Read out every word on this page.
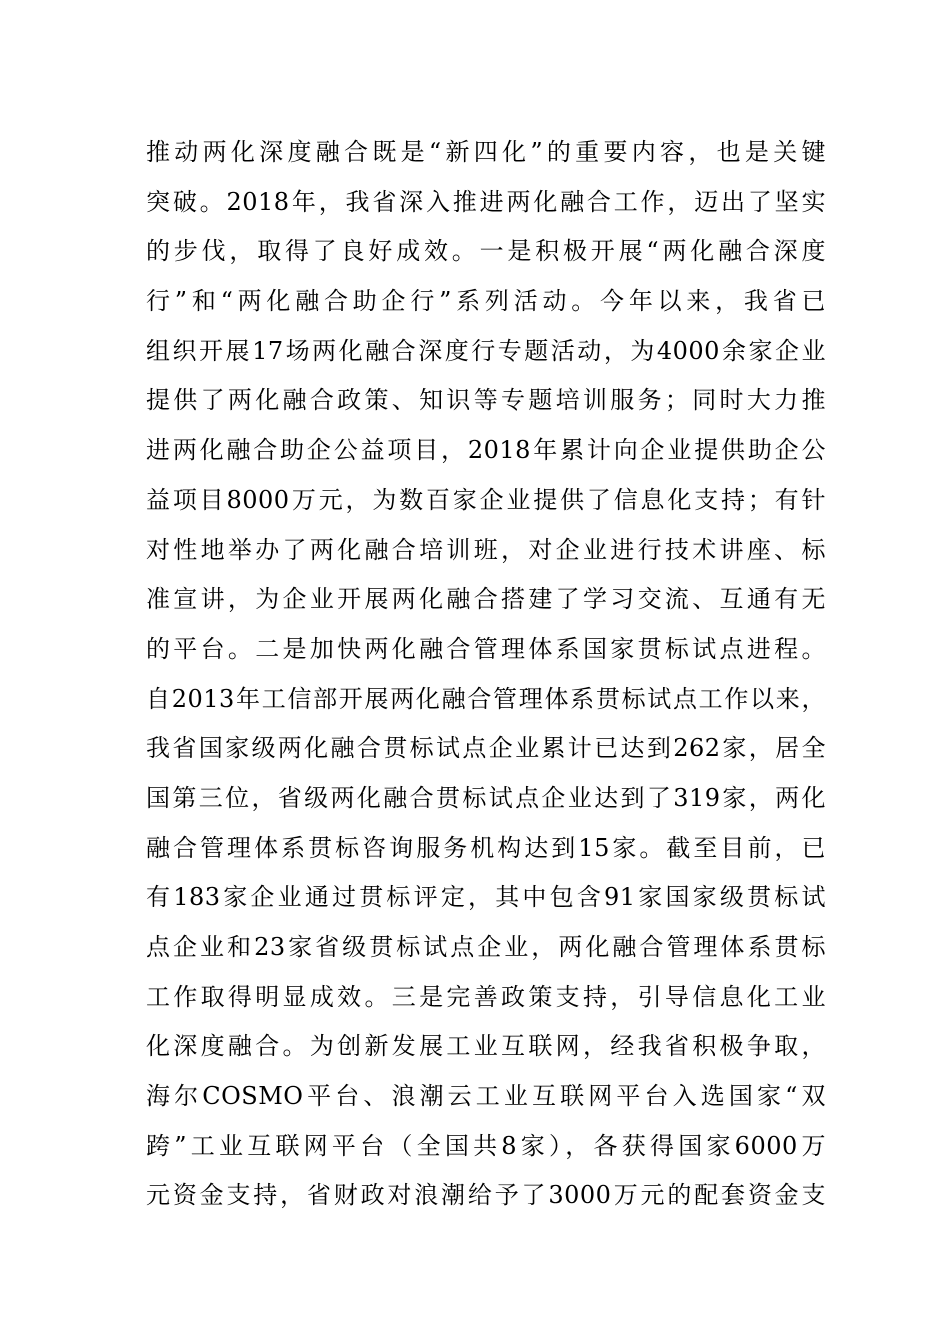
推动两化深度融合既是“新四化”的重要内容，也是关键
突破。2018年，我省深入推进两化融合工作，迈出了坚实
的步伐，取得了良好成效。一是积极开展“两化融合深度
行”和“两化融合助企行”系列活动。今年以来，我省已
组织开展17场两化融合深度行专题活动，为4000余家企业
提供了两化融合政策、知识等专题培训服务；同时大力推
进两化融合助企公益项目，2018年累计向企业提供助企公
益项目8000万元，为数百家企业提供了信息化支持；有针
对性地举办了两化融合培训班，对企业进行技术讲座、标
准宣讲，为企业开展两化融合搭建了学习交流、互通有无
的平台。二是加快两化融合管理体系国家贯标试点进程。
自2013年工信部开展两化融合管理体系贯标试点工作以来，
我省国家级两化融合贯标试点企业累计已达到262家，居全
国第三位，省级两化融合贯标试点企业达到了319家，两化
融合管理体系贯标咨询服务机构达到15家。截至目前，已
有183家企业通过贯标评定，其中包含91家国家级贯标试
点企业和23家省级贯标试点企业，两化融合管理体系贯标
工作取得明显成效。三是完善政策支持，引导信息化工业
化深度融合。为创新发展工业互联网，经我省积极争取，
海尔COSMO平台、浪潮云工业互联网平台入选国家“双
跨”工业互联网平台（全国共8家），各获得国家6000万
元资金支持，省财政对浪潮给予了3000万元的配套资金支
